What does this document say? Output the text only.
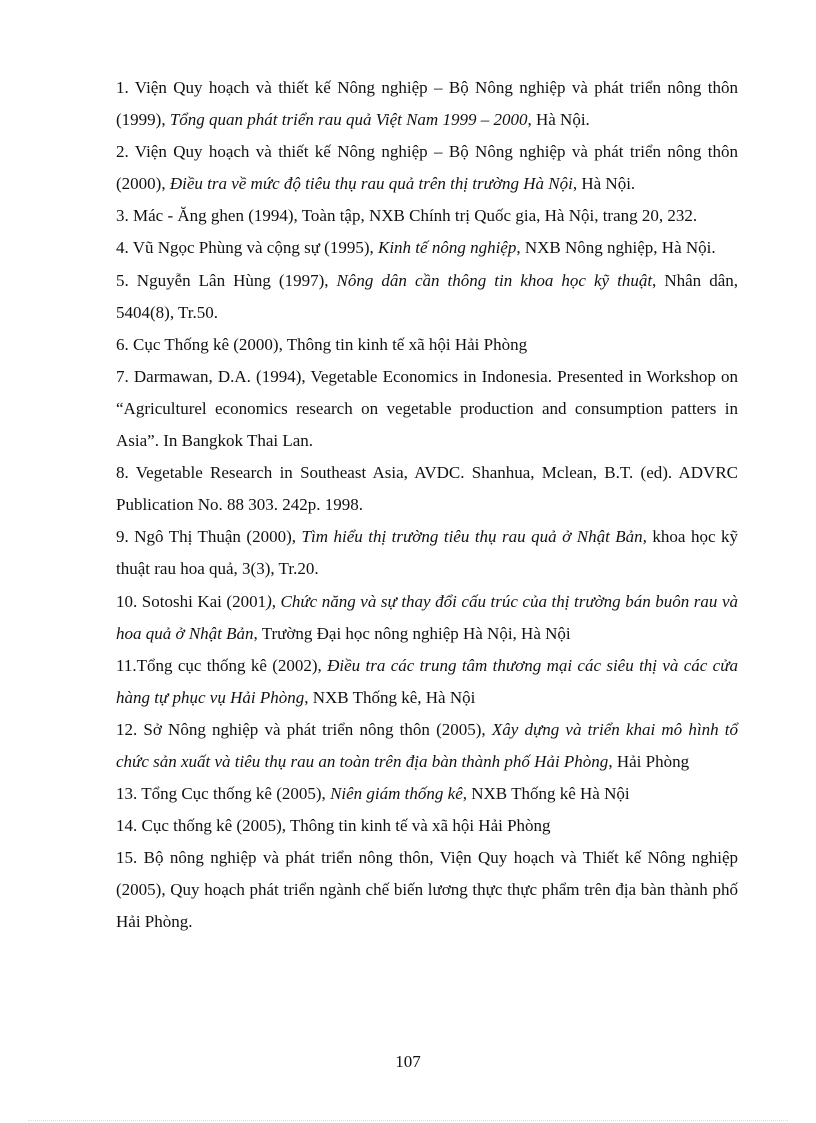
1. Viện Quy hoạch và thiết kế Nông nghiệp – Bộ Nông nghiệp và phát triển nông thôn (1999), Tổng quan phát triển rau quả Việt Nam 1999 – 2000, Hà Nội.

2. Viện Quy hoạch và thiết kế Nông nghiệp – Bộ Nông nghiệp và phát triển nông thôn (2000), Điều tra về mức độ tiêu thụ rau quả trên thị trường Hà Nội, Hà Nội.

3. Mác - Ăng ghen (1994), Toàn tập, NXB Chính trị Quốc gia, Hà Nội, trang 20, 232.

4. Vũ Ngọc Phùng và cộng sự (1995), Kinh tế nông nghiệp, NXB Nông nghiệp, Hà Nội.

5. Nguyễn Lân Hùng (1997), Nông dân cần thông tin khoa học kỹ thuật, Nhân dân, 5404(8), Tr.50.

6. Cục Thống kê (2000), Thông tin kinh tế xã hội Hải Phòng

7. Darmawan, D.A. (1994), Vegetable Economics in Indonesia. Presented in Workshop on “Agriculturel economics research on vegetable production and consumption patters in Asia”. In Bangkok Thai Lan.

8. Vegetable Research in Southeast Asia, AVDC. Shanhua, Mclean, B.T. (ed). ADVRC Publication No. 88 303. 242p. 1998.

9. Ngô Thị Thuận (2000), Tìm hiểu thị trường tiêu thụ rau quả ở Nhật Bản, khoa học kỹ thuật rau hoa quả, 3(3), Tr.20.

10. Sotoshi Kai (2001), Chức năng và sự thay đổi cấu trúc của thị trường bán buôn rau và hoa quả ở Nhật Bản, Trường Đại học nông nghiệp Hà Nội, Hà Nội

11.Tổng cục thống kê (2002), Điều tra các trung tâm thương mại các siêu thị và các cửa hàng tự phục vụ Hải Phòng, NXB Thống kê, Hà Nội

12. Sở Nông nghiệp và phát triển nông thôn (2005), Xây dựng và triển khai mô hình tổ chức sản xuất và tiêu thụ rau an toàn trên địa bàn thành phố Hải Phòng, Hải Phòng

13. Tổng Cục thống kê (2005), Niên giám thống kê, NXB Thống kê Hà Nội

14. Cục thống kê (2005), Thông tin kinh tế và xã hội Hải Phòng

15. Bộ nông nghiệp và phát triển nông thôn, Viện Quy hoạch và Thiết kế Nông nghiệp (2005), Quy hoạch phát triển ngành chế biến lương thực thực phẩm trên địa bàn thành phố Hải Phòng.

107
